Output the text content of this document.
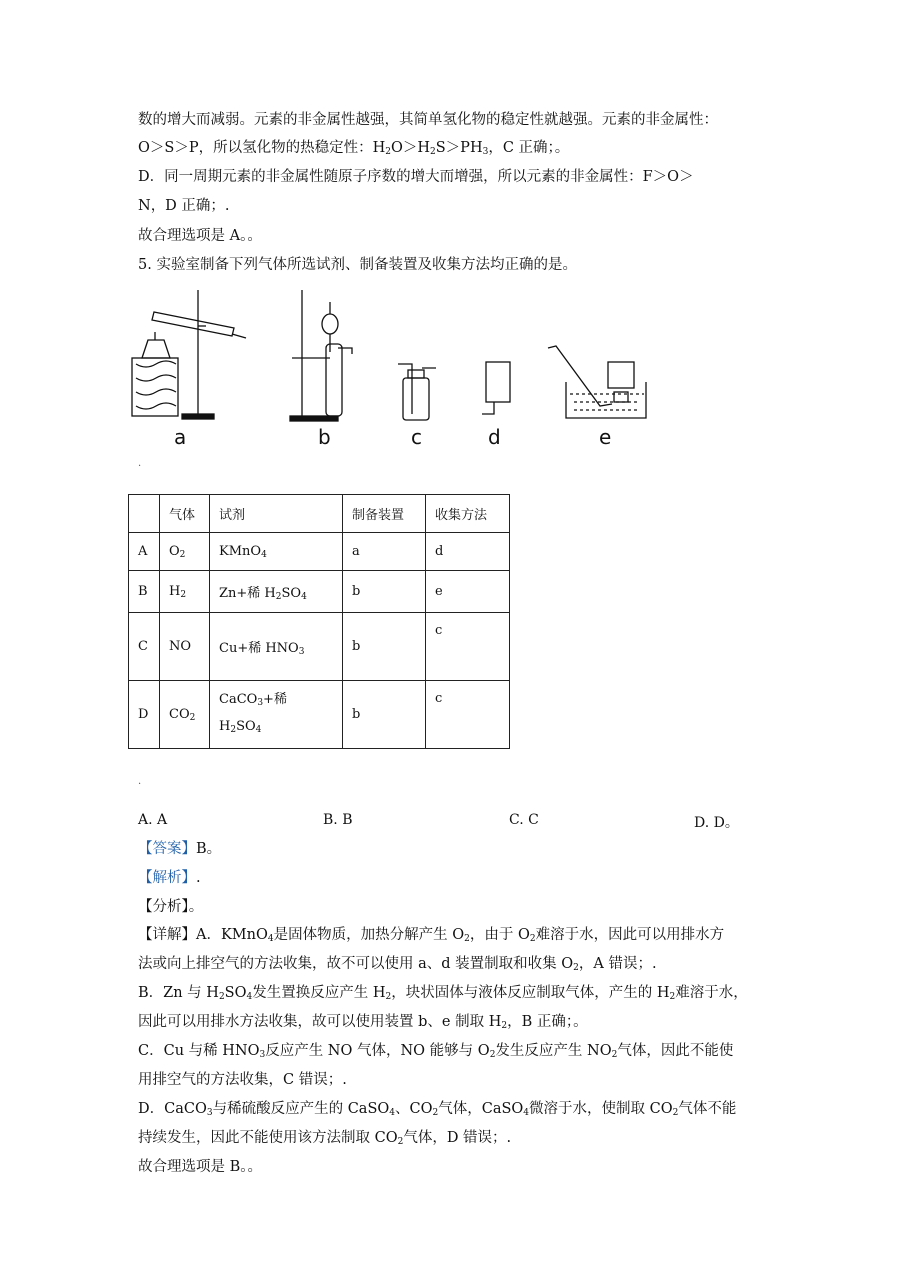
数的增大而减弱。元素的非金属性越强，其简单氢化物的稳定性就越强。元素的非金属性：
O＞S＞P，所以氢化物的热稳定性：$H_2O>H_2S>PH_3$，C 正确；。
D．同一周期元素的非金属性随原子序数的增大而增强，所以元素的非金属性：F＞O＞
N，D 正确；.
故合理选项是 A。。
5. 实验室制备下列气体所选试剂、制备装置及收集方法均正确的是。
a	b	c	d	e
.
	气体	试剂	制备装置	收集方法
A	$O_2$	KMnO$_4$	a	d
B	$H_2$	Zn+稀 $H_2SO_4$	b	e
C	NO	Cu+稀 $HNO_3$	b	c
D	$CO_2$	CaCO$_3$+稀
$H_2SO_4$	b	c
.
A. A	B. B	C. C	D. D。
【答案】B。
【解析】.
【分析】。
【详解】A．KMnO$_4$是固体物质，加热分解产生 $O_2$，由于 $O_2$难溶于水，因此可以用排水方
法或向上排空气的方法收集，故不可以使用 a、d 装置制取和收集 $O_2$，A 错误；.
B．Zn 与 $H_2SO_4$发生置换反应产生 $H_2$，块状固体与液体反应制取气体，产生的 $H_2$难溶于水，
因此可以用排水方法收集，故可以使用装置 b、e 制取 $H_2$，B 正确；。
C．Cu 与稀 $HNO_3$反应产生 NO 气体，NO 能够与 $O_2$发生反应产生 $NO_2$气体，因此不能使
用排空气的方法收集，C 错误；.
D．CaCO$_3$与稀硫酸反应产生的 CaSO$_4$、$CO_2$气体，CaSO$_4$微溶于水，使制取 $CO_2$气体不能
持续发生，因此不能使用该方法制取 $CO_2$气体，D 错误；.
故合理选项是 B。。
